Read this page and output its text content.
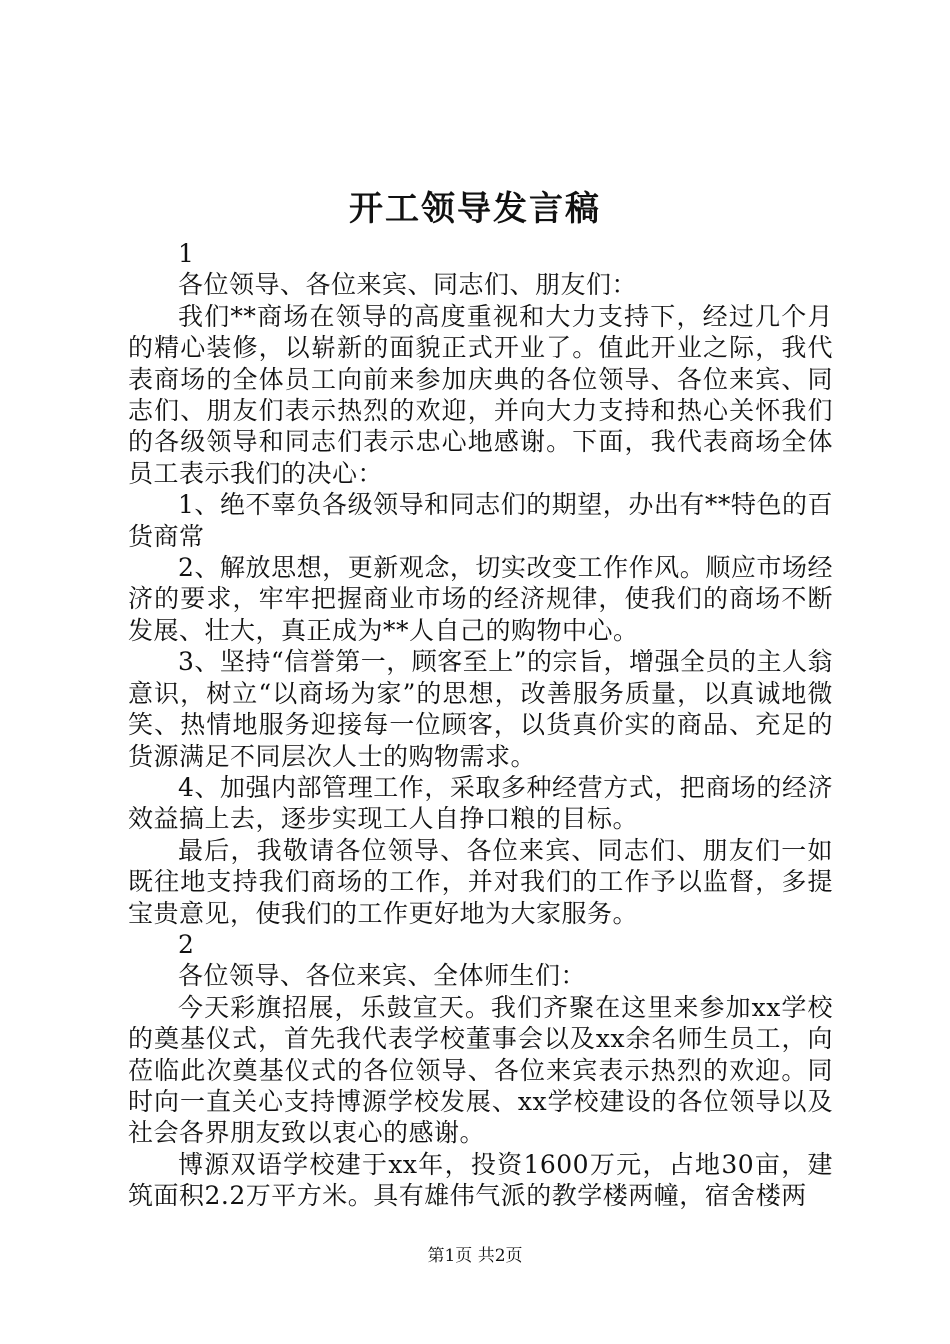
开工领导发言稿

1

各位领导、各位来宾、同志们、朋友们：

我们**商场在领导的高度重视和大力支持下，经过几个月的精心装修，以崭新的面貌正式开业了。值此开业之际，我代表商场的全体员工向前来参加庆典的各位领导、各位来宾、同志们、朋友们表示热烈的欢迎，并向大力支持和热心关怀我们的各级领导和同志们表示忠心地感谢。下面，我代表商场全体员工表示我们的决心：

1、绝不辜负各级领导和同志们的期望，办出有**特色的百货商常

2、解放思想，更新观念，切实改变工作作风。顺应市场经济的要求，牢牢把握商业市场的经济规律，使我们的商场不断发展、壮大，真正成为**人自己的购物中心。

3、坚持“信誉第一，顾客至上”的宗旨，增强全员的主人翁意识，树立“以商场为家”的思想，改善服务质量，以真诚地微笑、热情地服务迎接每一位顾客，以货真价实的商品、充足的货源满足不同层次人士的购物需求。

4、加强内部管理工作，采取多种经营方式，把商场的经济效益搞上去，逐步实现工人自挣口粮的目标。

最后，我敬请各位领导、各位来宾、同志们、朋友们一如既往地支持我们商场的工作，并对我们的工作予以监督，多提宝贵意见，使我们的工作更好地为大家服务。

2

各位领导、各位来宾、全体师生们：

今天彩旗招展，乐鼓宣天。我们齐聚在这里来参加xx学校的奠基仪式，首先我代表学校董事会以及xx余名师生员工，向莅临此次奠基仪式的各位领导、各位来宾表示热烈的欢迎。同时向一直关心支持博源学校发展、xx学校建设的各位领导以及社会各界朋友致以衷心的感谢。

博源双语学校建于xx年，投资1600万元，占地30亩，建筑面积2.2万平方米。具有雄伟气派的教学楼两幢，宿舍楼两

第1页 共2页
